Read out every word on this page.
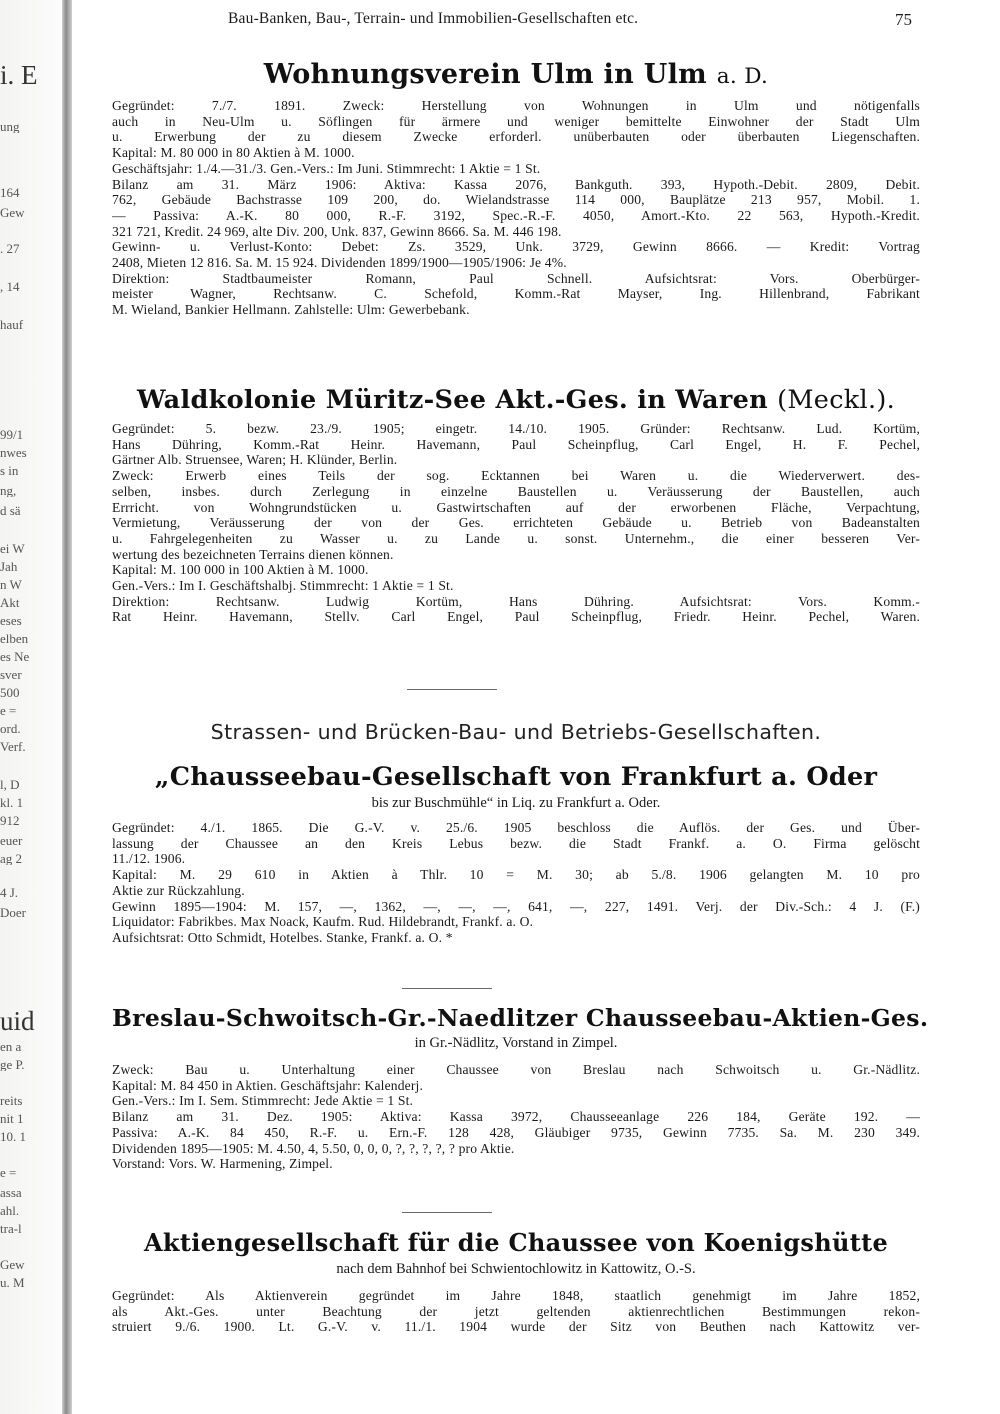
i. E
ung
164
Gew
. 27
, 14
hauf
99/1
nwes
s in
ng,
d sä
ei W
Jah
n W
Akt
eses
elben
es Ne
sver
500
e =
ord.
Verf.
l, D
kl. 1
912
euer
ag 2
4 J.
Doer
uid
en a
ge P.
reits
nit 1
10. 1
e =
assa
ahl.
tra-l
Gew
u. M
Bau-Banken, Bau-, Terrain- und Immobilien-Gesellschaften etc.	75
Wohnungsverein Ulm in Ulm a. D.
Gegründet: 7./7. 1891. Zweck: Herstellung von Wohnungen in Ulm und nötigenfalls
auch in Neu-Ulm u. Söflingen für ärmere und weniger bemittelte Einwohner der Stadt Ulm
u. Erwerbung der zu diesem Zwecke erforderl. unüberbauten oder überbauten Liegenschaften.
Kapital: M. 80 000 in 80 Aktien à M. 1000.
Geschäftsjahr: 1./4.—31./3. Gen.-Vers.: Im Juni. Stimmrecht: 1 Aktie = 1 St.
Bilanz am 31. März 1906: Aktiva: Kassa 2076, Bankguth. 393, Hypoth.-Debit. 2809, Debit.
762, Gebäude Bachstrasse 109 200, do. Wielandstrasse 114 000, Bauplätze 213 957, Mobil. 1.
— Passiva: A.-K. 80 000, R.-F. 3192, Spec.-R.-F. 4050, Amort.-Kto. 22 563, Hypoth.-Kredit.
321 721, Kredit. 24 969, alte Div. 200, Unk. 837, Gewinn 8666. Sa. M. 446 198.
Gewinn- u. Verlust-Konto: Debet: Zs. 3529, Unk. 3729, Gewinn 8666. — Kredit: Vortrag
2408, Mieten 12 816. Sa. M. 15 924. Dividenden 1899/1900—1905/1906: Je 4%.
Direktion: Stadtbaumeister Romann, Paul Schnell. Aufsichtsrat: Vors. Oberbürger-
meister Wagner, Rechtsanw. C. Schefold, Komm.-Rat Mayser, Ing. Hillenbrand, Fabrikant
M. Wieland, Bankier Hellmann. Zahlstelle: Ulm: Gewerbebank.
Waldkolonie Müritz-See Akt.-Ges. in Waren (Meckl.).
Gegründet: 5. bezw. 23./9. 1905; eingetr. 14./10. 1905. Gründer: Rechtsanw. Lud. Kortüm,
Hans Dühring, Komm.-Rat Heinr. Havemann, Paul Scheinpflug, Carl Engel, H. F. Pechel,
Gärtner Alb. Struensee, Waren; H. Klünder, Berlin.
Zweck: Erwerb eines Teils der sog. Ecktannen bei Waren u. die Wiederverwert. des-
selben, insbes. durch Zerlegung in einzelne Baustellen u. Veräusserung der Baustellen, auch
Errricht. von Wohngrundstücken u. Gastwirtschaften auf der erworbenen Fläche, Verpachtung,
Vermietung, Veräusserung der von der Ges. errichteten Gebäude u. Betrieb von Badeanstalten
u. Fahrgelegenheiten zu Wasser u. zu Lande u. sonst. Unternehm., die einer besseren Ver-
wertung des bezeichneten Terrains dienen können.
Kapital: M. 100 000 in 100 Aktien à M. 1000.
Gen.-Vers.: Im I. Geschäftshalbj. Stimmrecht: 1 Aktie = 1 St.
Direktion: Rechtsanw. Ludwig Kortüm, Hans Dühring. Aufsichtsrat: Vors. Komm.-
Rat Heinr. Havemann, Stellv. Carl Engel, Paul Scheinpflug, Friedr. Heinr. Pechel, Waren.
Strassen- und Brücken-Bau- und Betriebs-Gesellschaften.
„Chausseebau-Gesellschaft von Frankfurt a. Oder
bis zur Buschmühle“ in Liq. zu Frankfurt a. Oder.
Gegründet: 4./1. 1865. Die G.-V. v. 25./6. 1905 beschloss die Auflös. der Ges. und Über-
lassung der Chaussee an den Kreis Lebus bezw. die Stadt Frankf. a. O. Firma gelöscht
11./12. 1906.
Kapital: M. 29 610 in Aktien à Thlr. 10 = M. 30; ab 5./8. 1906 gelangten M. 10 pro
Aktie zur Rückzahlung.
Gewinn 1895—1904: M. 157, —, 1362, —, —, —, 641, —, 227, 1491. Verj. der Div.-Sch.: 4 J. (F.)
Liquidator: Fabrikbes. Max Noack, Kaufm. Rud. Hildebrandt, Frankf. a. O.
Aufsichtsrat: Otto Schmidt, Hotelbes. Stanke, Frankf. a. O. *
Breslau-Schwoitsch-Gr.-Naedlitzer Chausseebau-Aktien-Ges.
in Gr.-Nädlitz, Vorstand in Zimpel.
Zweck: Bau u. Unterhaltung einer Chaussee von Breslau nach Schwoitsch u. Gr.-Nädlitz.
Kapital: M. 84 450 in Aktien. Geschäftsjahr: Kalenderj.
Gen.-Vers.: Im I. Sem. Stimmrecht: Jede Aktie = 1 St.
Bilanz am 31. Dez. 1905: Aktiva: Kassa 3972, Chausseeanlage 226 184, Geräte 192. —
Passiva: A.-K. 84 450, R.-F. u. Ern.-F. 128 428, Gläubiger 9735, Gewinn 7735. Sa. M. 230 349.
Dividenden 1895—1905: M. 4.50, 4, 5.50, 0, 0, 0, ?, ?, ?, ?, ? pro Aktie.
Vorstand: Vors. W. Harmening, Zimpel.
Aktiengesellschaft für die Chaussee von Koenigshütte
nach dem Bahnhof bei Schwientochlowitz in Kattowitz, O.-S.
Gegründet: Als Aktienverein gegründet im Jahre 1848, staatlich genehmigt im Jahre 1852,
als Akt.-Ges. unter Beachtung der jetzt geltenden aktienrechtlichen Bestimmungen rekon-
struiert 9./6. 1900. Lt. G.-V. v. 11./1. 1904 wurde der Sitz von Beuthen nach Kattowitz ver-
